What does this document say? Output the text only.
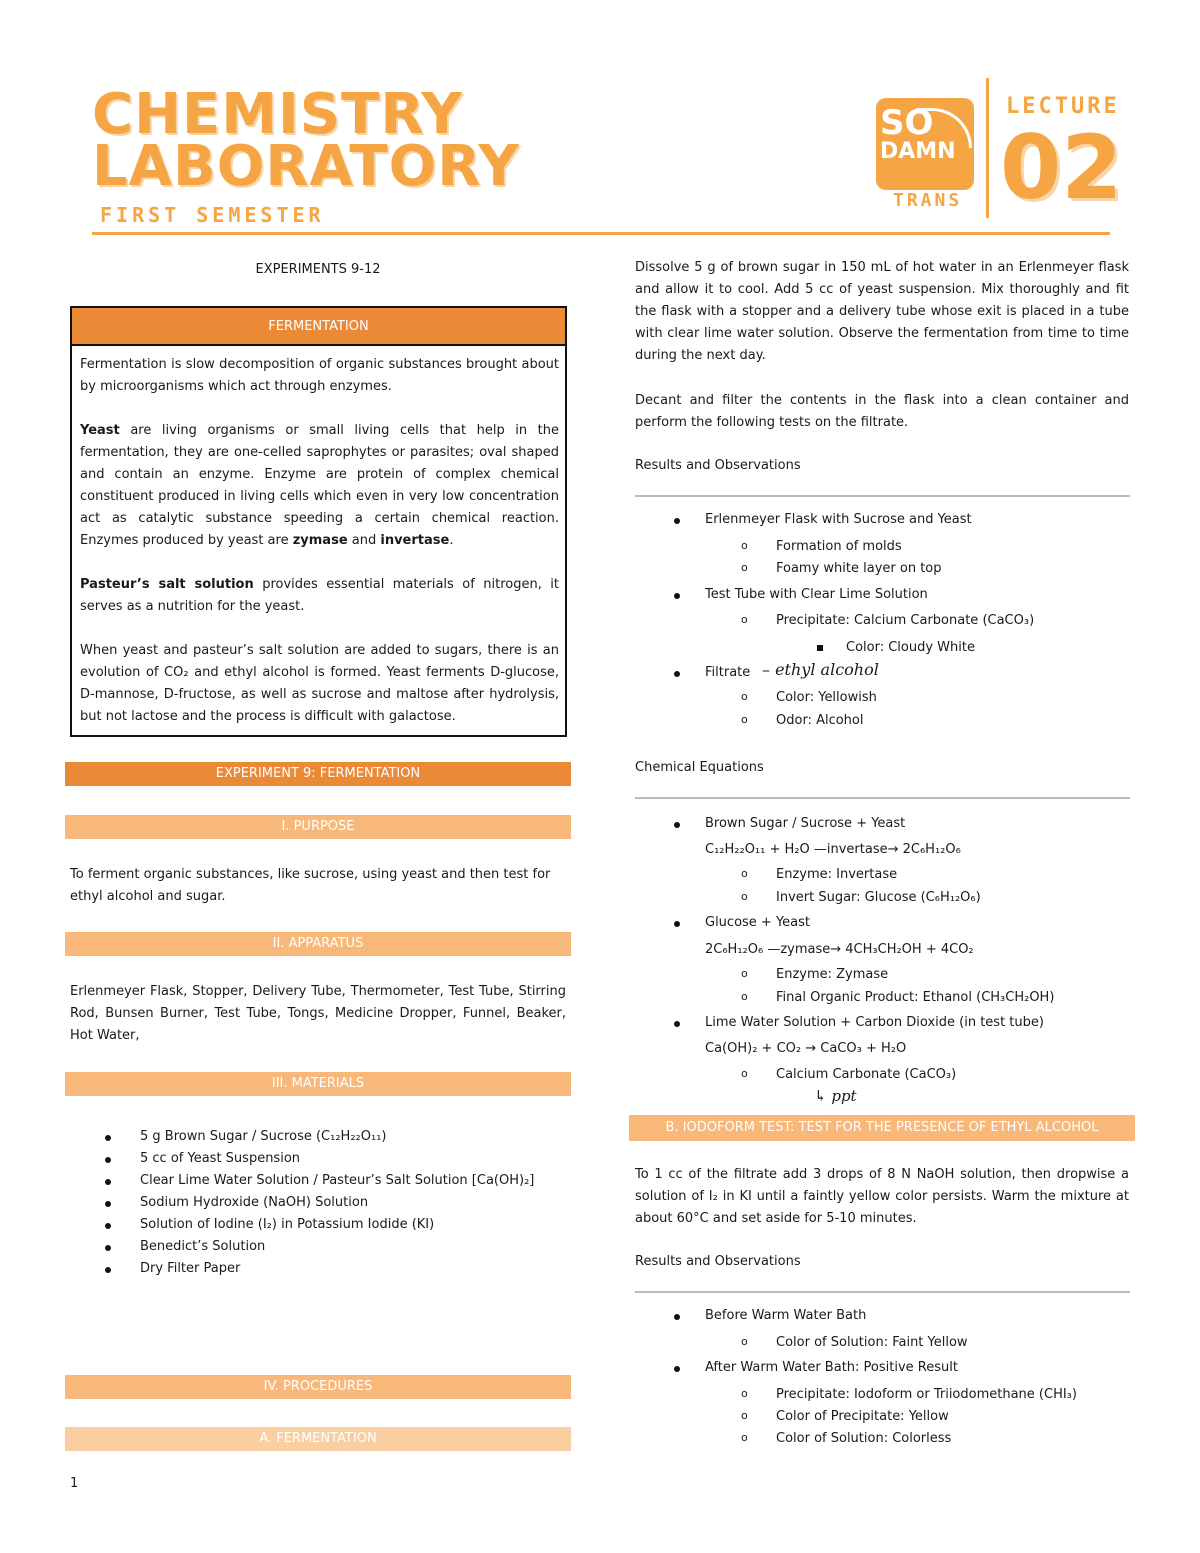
CHEMISTRY
LABORATORY
FIRST SEMESTER
SO
DAMN
TRANS
LECTURE
02
EXPERIMENTS 9-12
FERMENTATION
Fermentation is slow decomposition of organic substances brought about by microorganisms which act through enzymes.
Yeast are living organisms or small living cells that help in the fermentation, they are one-celled saprophytes or parasites; oval shaped and contain an enzyme. Enzyme are protein of complex chemical constituent produced in living cells which even in very low concentration act as catalytic substance speeding a certain chemical reaction. Enzymes produced by yeast are zymase and invertase.
Pasteur’s salt solution provides essential materials of nitrogen, it serves as a nutrition for the yeast.
When yeast and pasteur’s salt solution are added to sugars, there is an evolution of CO₂ and ethyl alcohol is formed. Yeast ferments D-glucose, D-mannose, D-fructose, as well as sucrose and maltose after hydrolysis, but not lactose and the process is difficult with galactose.
EXPERIMENT 9: FERMENTATION
I. PURPOSE
To ferment organic substances, like sucrose, using yeast and then test for ethyl alcohol and sugar.
II. APPARATUS
Erlenmeyer Flask, Stopper, Delivery Tube, Thermometer, Test Tube, Stirring Rod, Bunsen Burner, Test Tube, Tongs, Medicine Dropper, Funnel, Beaker, Hot Water,
III. MATERIALS
5 g Brown Sugar / Sucrose (C₁₂H₂₂O₁₁)
5 cc of Yeast Suspension
Clear Lime Water Solution / Pasteur’s Salt Solution [Ca(OH)₂]
Sodium Hydroxide (NaOH) Solution
Solution of Iodine (I₂) in Potassium Iodide (KI)
Benedict’s Solution
Dry Filter Paper
IV. PROCEDURES
A. FERMENTATION
1
Dissolve 5 g of brown sugar in 150 mL of hot water in an Erlenmeyer flask and allow it to cool. Add 5 cc of yeast suspension. Mix thoroughly and fit the flask with a stopper and a delivery tube whose exit is placed in a tube with clear lime water solution. Observe the fermentation from time to time during the next day.
Decant and filter the contents in the flask into a clean container and perform the following tests on the filtrate.
Results and Observations
Erlenmeyer Flask with Sucrose and Yeast
o Formation of molds
o Foamy white layer on top
Test Tube with Clear Lime Solution
o Precipitate: Calcium Carbonate (CaCO₃)
Color: Cloudy White
Filtrate – ethyl alcohol
o Color: Yellowish
o Odor: Alcohol
Chemical Equations
Brown Sugar / Sucrose + Yeast
C₁₂H₂₂O₁₁ + H₂O —invertase→ 2C₆H₁₂O₆
o Enzyme: Invertase
o Invert Sugar: Glucose (C₆H₁₂O₆)
Glucose + Yeast
2C₆H₁₂O₆ —zymase→ 4CH₃CH₂OH + 4CO₂
o Enzyme: Zymase
o Final Organic Product: Ethanol (CH₃CH₂OH)
Lime Water Solution + Carbon Dioxide (in test tube)
Ca(OH)₂ + CO₂ → CaCO₃ + H₂O
o Calcium Carbonate (CaCO₃)
↳ ppt
B. IODOFORM TEST: TEST FOR THE PRESENCE OF ETHYL ALCOHOL
To 1 cc of the filtrate add 3 drops of 8 N NaOH solution, then dropwise a solution of I₂ in KI until a faintly yellow color persists. Warm the mixture at about 60°C and set aside for 5-10 minutes.
Results and Observations
Before Warm Water Bath
o Color of Solution: Faint Yellow
After Warm Water Bath: Positive Result
o Precipitate: Iodoform or Triiodomethane (CHI₃)
o Color of Precipitate: Yellow
o Color of Solution: Colorless
